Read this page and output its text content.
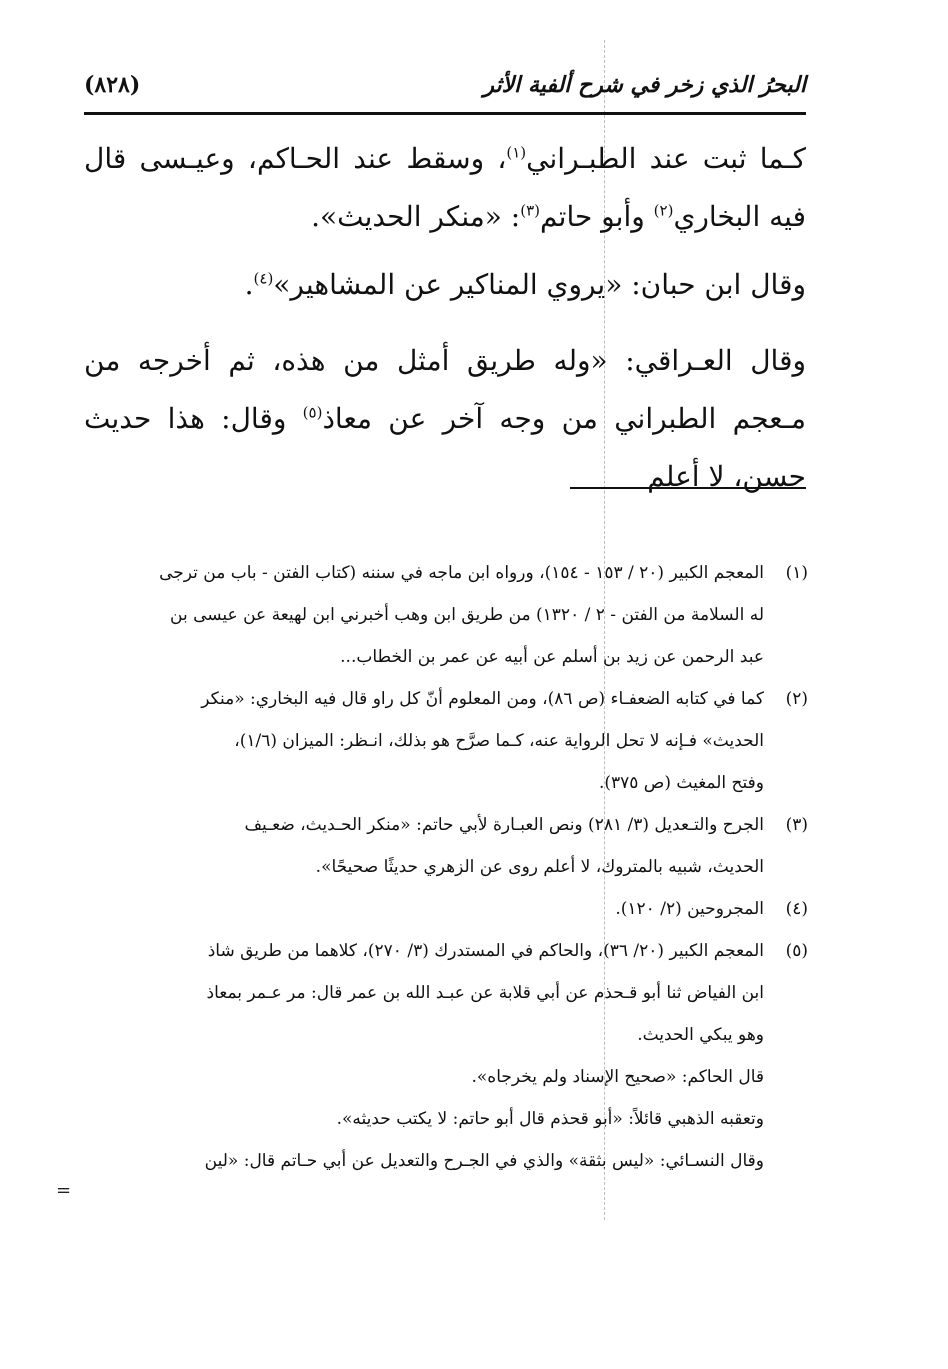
البحرُ الذي زخر في شرح ألفية الأثر
(٨٢٨)

كـما ثبت عند الطبـراني$^{(١)}$، وسقط عند الحـاكم، وعيـسى قال فيه البخاري$^{(٢)}$ وأبو حاتم$^{(٣)}$: «منكر الحديث».

وقال ابن حبان: «يروي المناكير عن المشاهير»$^{(٤)}$.

وقال العـراقي: «وله طريق أمثل من هذه، ثم أخرجه من مـعجم الطبراني من وجه آخر عن معاذ$^{(٥)}$ وقال: هذا حديث حسن، لا أعلم

(١)
المعجم الكبير (٢٠ / ١٥٣ - ١٥٤)، ورواه ابن ماجه في سننه (كتاب الفتن - باب من ترجى
له السلامة من الفتن - ٢ / ١٣٢٠) من طريق ابن وهب أخبرني ابن لهيعة عن عيسى بن
عبد الرحمن عن زيد بن أسلم عن أبيه عن عمر بن الخطاب...
(٢)
كما في كتابه الضعفـاء (ص ٨٦)، ومن المعلوم أنّ كل راو قال فيه البخاري: «منكر
الحديث» فـإنه لا تحل الرواية عنه، كـما صرَّح هو بذلك، انـظر: الميزان (١/٦)،
وفتح المغيث (ص ٣٧٥).
(٣)
الجرح والتـعديل (٣/ ٢٨١) ونص العبـارة لأبي حاتم: «منكر الحـديث، ضعـيف
الحديث، شبيه بالمتروك، لا أعلم روى عن الزهري حديثًا صحيحًا».
(٤)
المجروحين (٢/ ١٢٠).
(٥)
المعجم الكبير (٢٠/ ٣٦)، والحاكم في المستدرك (٣/ ٢٧٠)، كلاهما من طريق شاذ
ابن الفياض ثنا أبو قـحذم عن أبي قلابة عن عبـد الله بن عمر قال: مر عـمر بمعاذ
وهو يبكي الحديث.
قال الحاكم: «صحيح الإسناد ولم يخرجاه».
وتعقبه الذهبي قائلاً: «أبو قحذم قال أبو حاتم: لا يكتب حديثه».
وقال النسـائي: «ليس بثقة» والذي في الجـرح والتعديل عن أبي حـاتم قال: «لين
=
